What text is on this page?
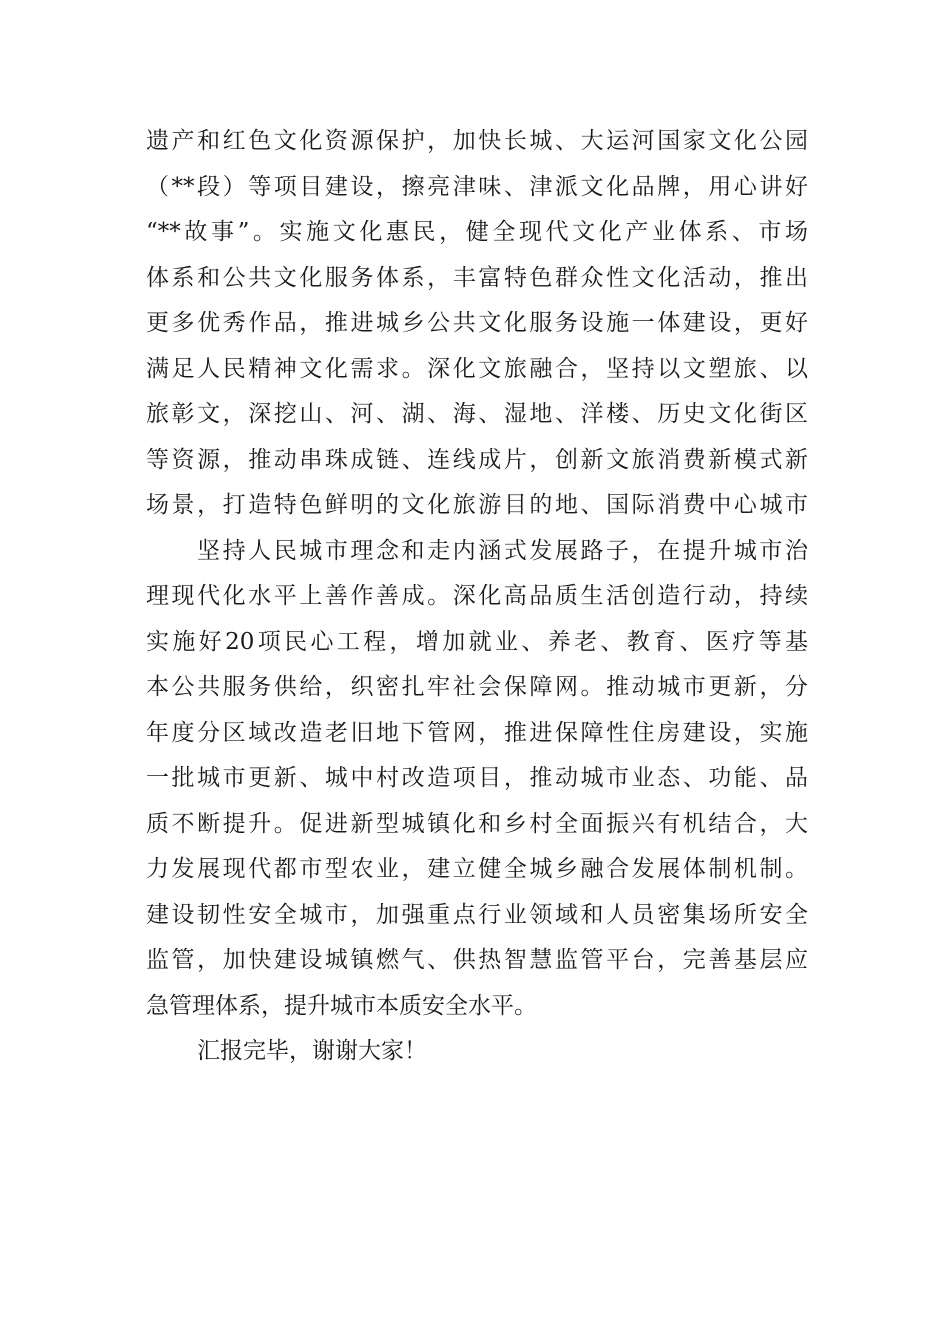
遗产和红色文化资源保护，加快长城、大运河国家文化公园
（**段）等项目建设，擦亮津味、津派文化品牌，用心讲好
“**故事”。实施文化惠民，健全现代文化产业体系、市场
体系和公共文化服务体系，丰富特色群众性文化活动，推出
更多优秀作品，推进城乡公共文化服务设施一体建设，更好
满足人民精神文化需求。深化文旅融合，坚持以文塑旅、以
旅彰文，深挖山、河、湖、海、湿地、洋楼、历史文化街区
等资源，推动串珠成链、连线成片，创新文旅消费新模式新
场景，打造特色鲜明的文化旅游目的地、国际消费中心城市
坚持人民城市理念和走内涵式发展路子，在提升城市治
理现代化水平上善作善成。深化高品质生活创造行动，持续
实施好20项民心工程，增加就业、养老、教育、医疗等基
本公共服务供给，织密扎牢社会保障网。推动城市更新，分
年度分区域改造老旧地下管网，推进保障性住房建设，实施
一批城市更新、城中村改造项目，推动城市业态、功能、品
质不断提升。促进新型城镇化和乡村全面振兴有机结合，大
力发展现代都市型农业，建立健全城乡融合发展体制机制。
建设韧性安全城市，加强重点行业领域和人员密集场所安全
监管，加快建设城镇燃气、供热智慧监管平台，完善基层应
急管理体系，提升城市本质安全水平。
汇报完毕，谢谢大家！
